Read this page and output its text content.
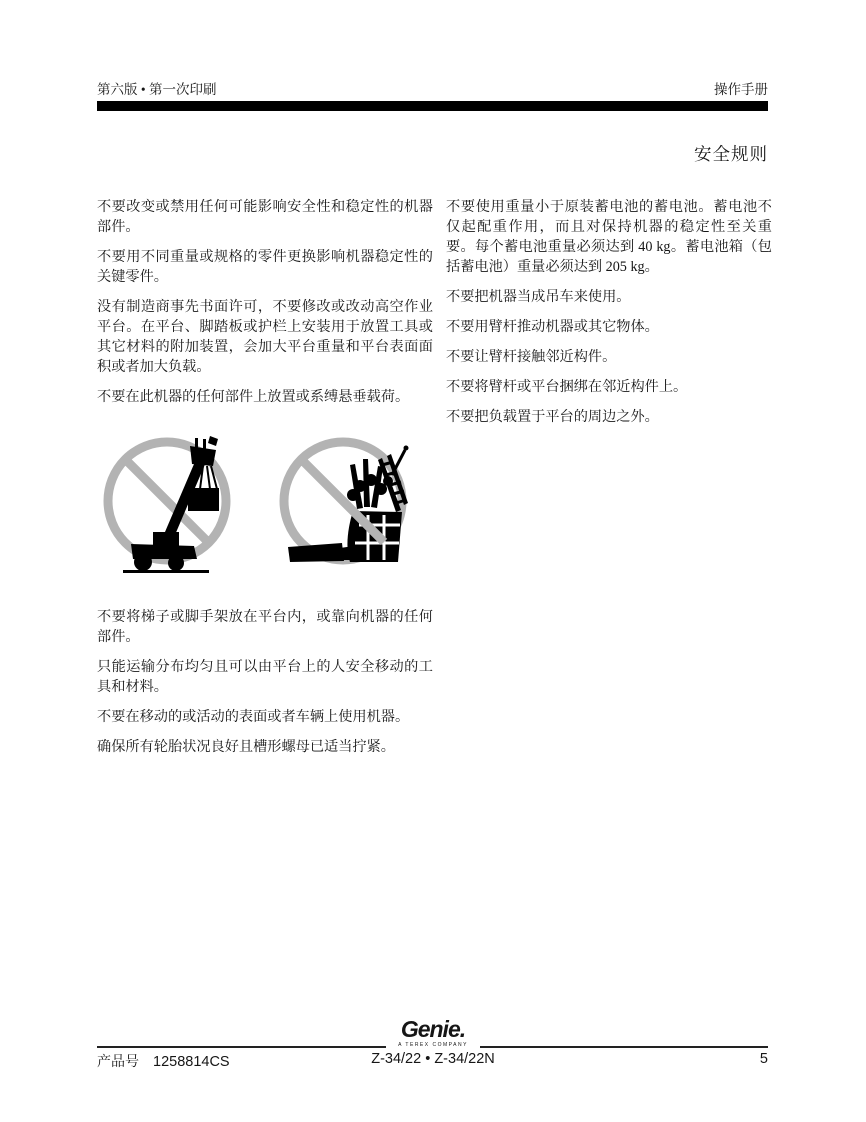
第六版 • 第一次印刷	操作手册
安全规则

不要改变或禁用任何可能影响安全性和稳定性的机器部件。

不要用不同重量或规格的零件更换影响机器稳定性的关键零件。

没有制造商事先书面许可，不要修改或改动高空作业平台。在平台、脚踏板或护栏上安装用于放置工具或其它材料的附加装置，会加大平台重量和平台表面面积或者加大负载。

不要在此机器的任何部件上放置或系缚悬垂载荷。

不要将梯子或脚手架放在平台内，或靠向机器的任何部件。

只能运输分布均匀且可以由平台上的人安全移动的工具和材料。

不要在移动的或活动的表面或者车辆上使用机器。

确保所有轮胎状况良好且槽形螺母已适当拧紧。

不要使用重量小于原装蓄电池的蓄电池。蓄电池不仅起配重作用，而且对保持机器的稳定性至关重要。每个蓄电池重量必须达到 40 kg。蓄电池箱（包括蓄电池）重量必须达到 205 kg。

不要把机器当成吊车来使用。

不要用臂杆推动机器或其它物体。

不要让臂杆接触邻近构件。

不要将臂杆或平台捆绑在邻近构件上。

不要把负载置于平台的周边之外。

Genie.
A TEREX COMPANY
产品号 1258814CS	Z-34/22 • Z-34/22N	5
